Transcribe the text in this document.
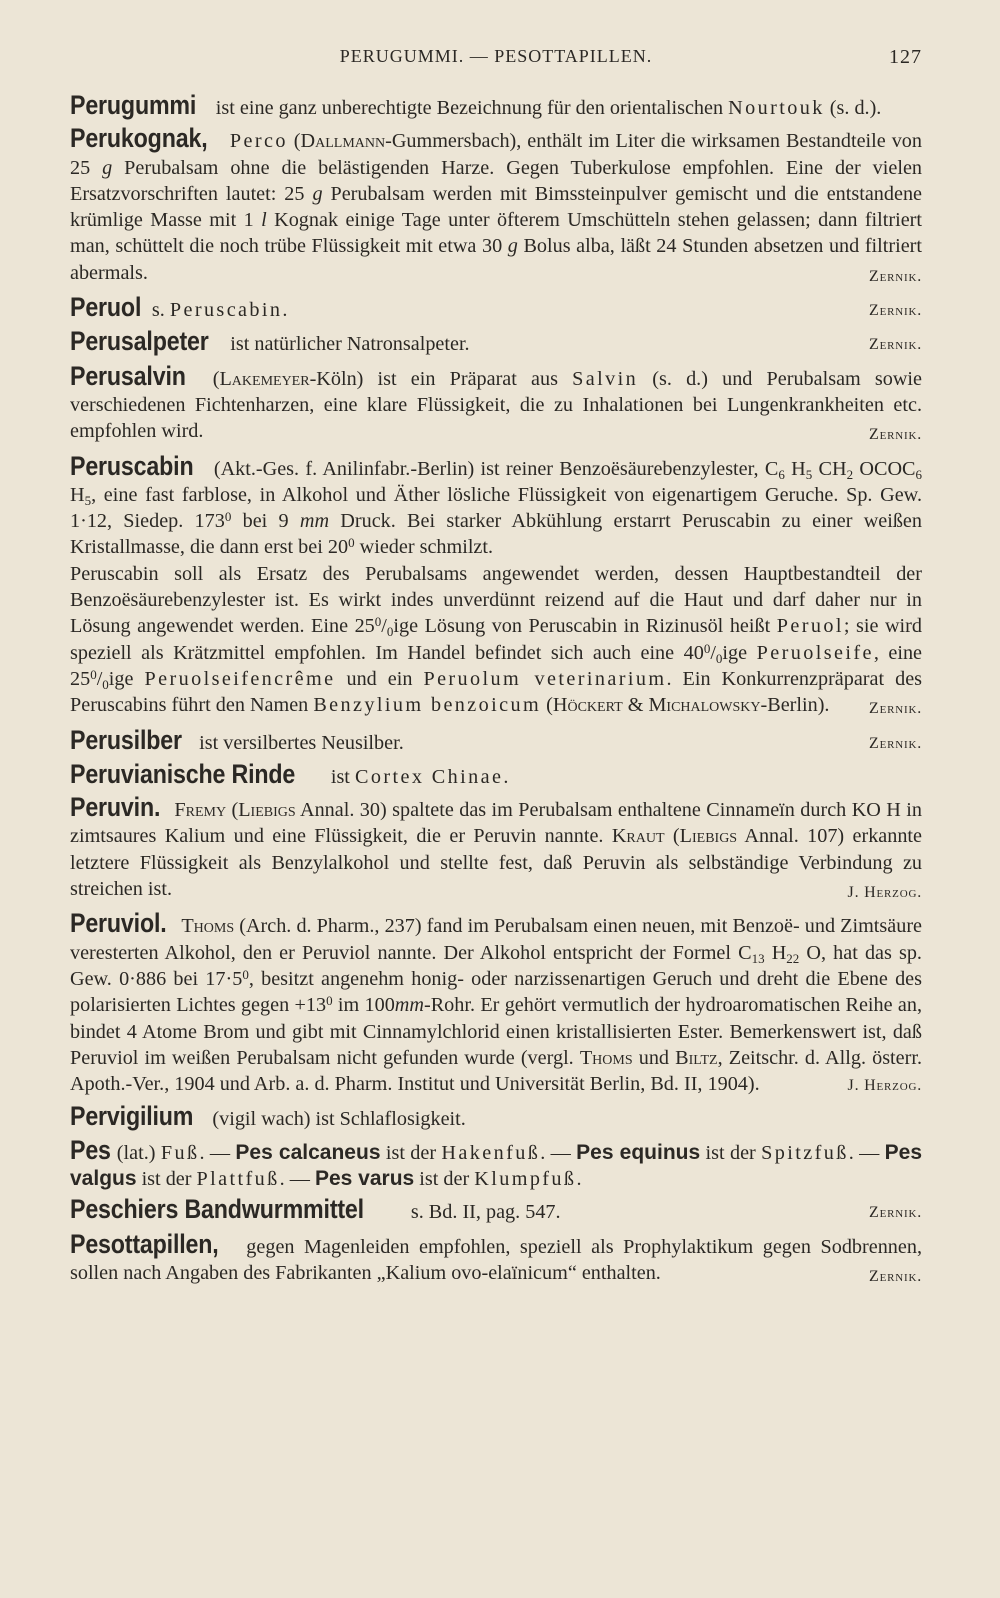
PERUGUMMI. — PESOTTAPILLEN.	127

Perugummi ist eine ganz unberechtigte Bezeichnung für den orientalischen Nourtouk (s. d.).

Perukognak, Perco (Dallmann-Gummersbach), enthält im Liter die wirksamen Bestandteile von 25 g Perubalsam ohne die belästigenden Harze. Gegen Tuberkulose empfohlen. Eine der vielen Ersatzvorschriften lautet: 25 g Perubalsam werden mit Bimssteinpulver gemischt und die entstandene krümlige Masse mit 1 l Kognak einige Tage unter öfterem Umschütteln stehen gelassen; dann filtriert man, schüttelt die noch trübe Flüssigkeit mit etwa 30 g Bolus alba, läßt 24 Stunden absetzen und filtriert abermals.	Zernik.

Peruol s. Peruscabin.	Zernik.

Perusalpeter ist natürlicher Natronsalpeter.	Zernik.

Perusalvin (Lakemeyer-Köln) ist ein Präparat aus Salvin (s. d.) und Perubalsam sowie verschiedenen Fichtenharzen, eine klare Flüssigkeit, die zu Inhalationen bei Lungenkrankheiten etc. empfohlen wird.	Zernik.

Peruscabin (Akt.-Ges. f. Anilinfabr.-Berlin) ist reiner Benzoësäurebenzylester, $C_6$ $H_5$ $CH_2$ $OCOC_6$ $H_5$, eine fast farblose, in Alkohol und Äther lösliche Flüssigkeit von eigenartigem Geruche. Sp. Gew. 1·12, Siedep. $173^0$ bei 9 mm Druck. Bei starker Abkühlung erstarrt Peruscabin zu einer weißen Kristallmasse, die dann erst bei $20^0$ wieder schmilzt.

Peruscabin soll als Ersatz des Perubalsams angewendet werden, dessen Hauptbestandteil der Benzoësäurebenzylester ist. Es wirkt indes unverdünnt reizend auf die Haut und darf daher nur in Lösung angewendet werden. Eine $25^0/_0ige$ Lösung von Peruscabin in Rizinusöl heißt Peruol; sie wird speziell als Krätzmittel empfohlen. Im Handel befindet sich auch eine $40^0/_0ige$ Peruolseife, eine $25^0/_0ige$ Peruolseifencrême und ein Peruolum veterinarium. Ein Konkurrenzpräparat des Peruscabins führt den Namen Benzylium benzoicum (Höckert & Michalowsky-Berlin). Zernik.

Perusilber ist versilbertes Neusilber.	Zernik.

Peruvianische Rinde ist Cortex Chinae.

Peruvin. Fremy (Liebigs Annal. 30) spaltete das im Perubalsam enthaltene Cinnameïn durch KO H in zimtsaures Kalium und eine Flüssigkeit, die er Peruvin nannte. Kraut (Liebigs Annal. 107) erkannte letztere Flüssigkeit als Benzylalkohol und stellte fest, daß Peruvin als selbständige Verbindung zu streichen ist.	J. Herzog.

Peruviol. Thoms (Arch. d. Pharm., 237) fand im Perubalsam einen neuen, mit Benzoë- und Zimtsäure veresterten Alkohol, den er Peruviol nannte. Der Alkohol entspricht der Formel $C_{13}$ $H_{22}$ O, hat das sp. Gew. 0·886 bei $17\cdot 5^0$, besitzt angenehm honig- oder narzissenartigen Geruch und dreht die Ebene des polarisierten Lichtes gegen $+13^0$ im 100mm-Rohr. Er gehört vermutlich der hydroaromatischen Reihe an, bindet 4 Atome Brom und gibt mit Cinnamylchlorid einen kristallisierten Ester. Bemerkenswert ist, daß Peruviol im weißen Perubalsam nicht gefunden wurde (vergl. Thoms und Biltz, Zeitschr. d. Allg. österr. Apoth.-Ver., 1904 und Arb. a. d. Pharm. Institut und Universität Berlin, Bd. II, 1904).	J. Herzog.

Pervigilium (vigil wach) ist Schlaflosigkeit.

Pes (lat.) Fuß. — Pes calcaneus ist der Hakenfuß. — Pes equinus ist der Spitzfuß. — Pes valgus ist der Plattfuß. — Pes varus ist der Klumpfuß.

Peschiers Bandwurmmittel s. Bd. II, pag. 547.	Zernik.

Pesottapillen, gegen Magenleiden empfohlen, speziell als Prophylaktikum gegen Sodbrennen, sollen nach Angaben des Fabrikanten „Kalium ovo-elaïnicum“ enthalten.	Zernik.
